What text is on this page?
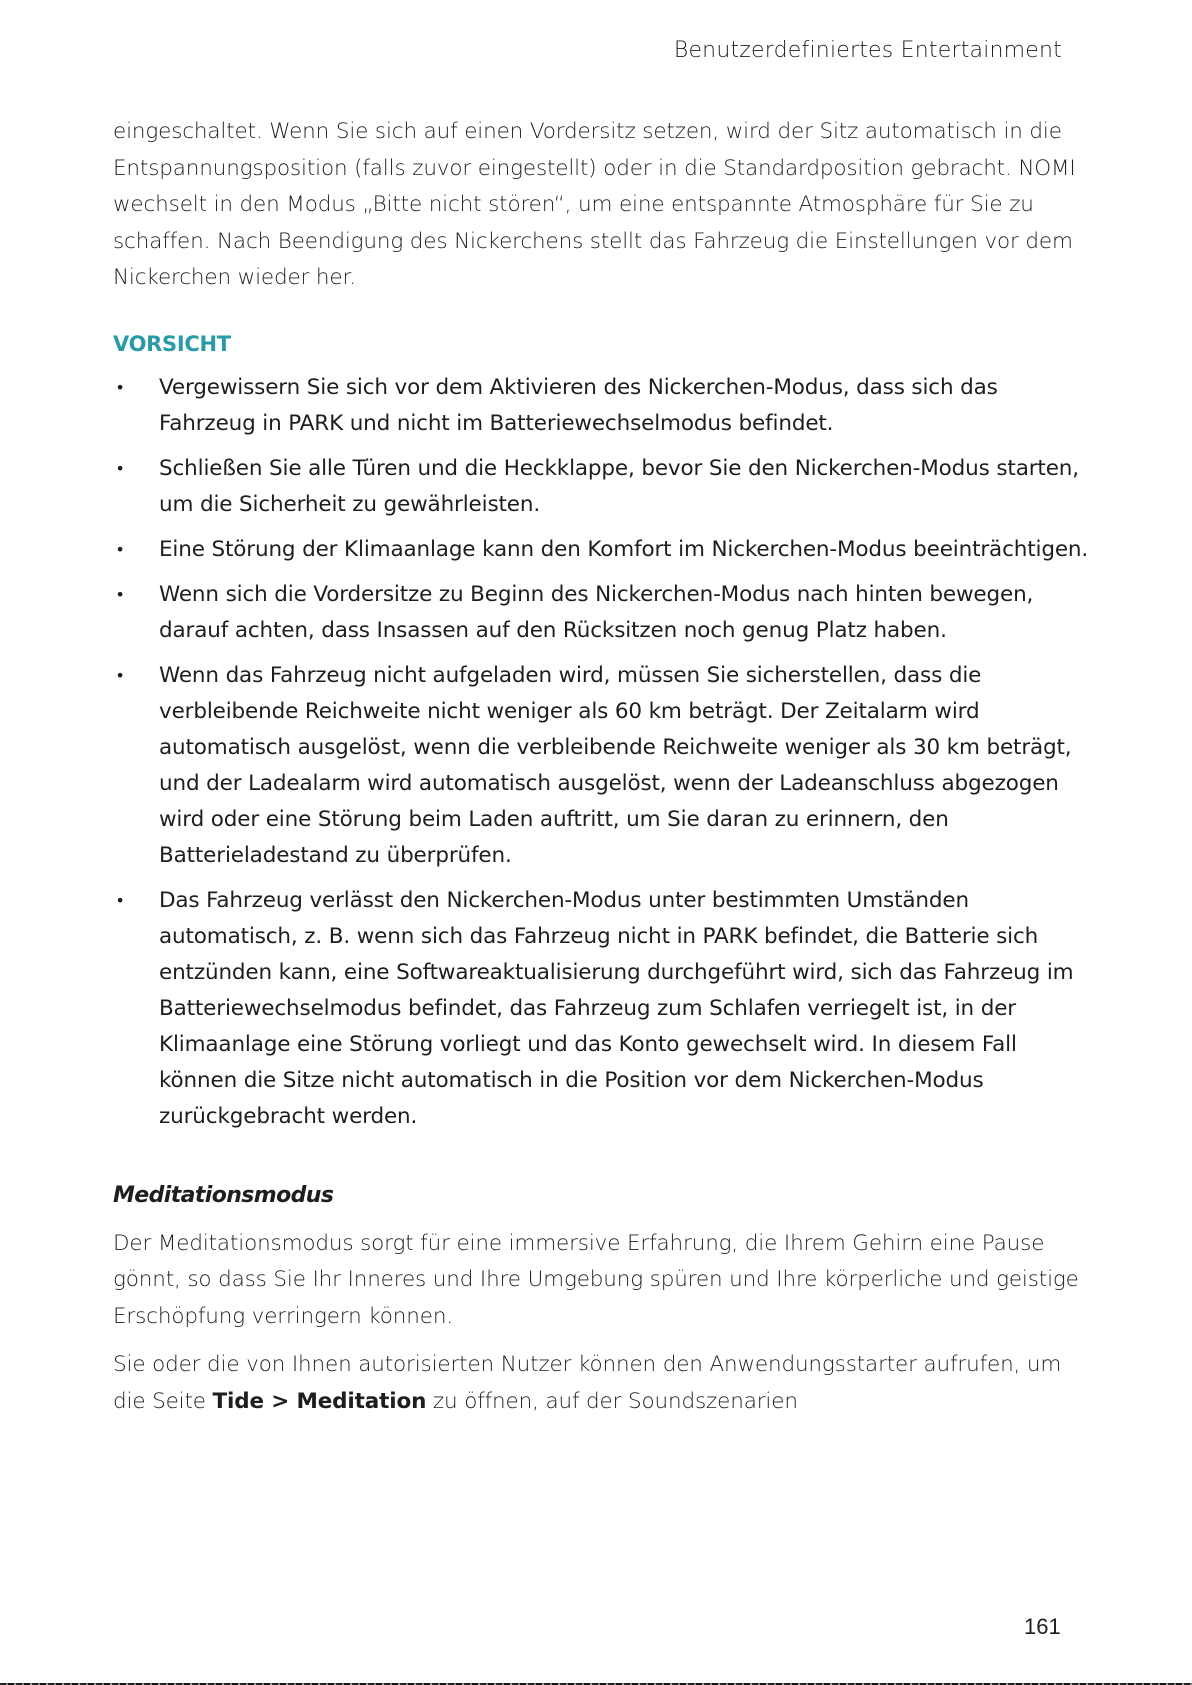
Benutzerdefiniertes Entertainment

eingeschaltet. Wenn Sie sich auf einen Vordersitz setzen, wird der Sitz automatisch in die Entspannungsposition (falls zuvor eingestellt) oder in die Standardposition gebracht. NOMI wechselt in den Modus „Bitte nicht stören“, um eine entspannte Atmosphäre für Sie zu schaffen. Nach Beendigung des Nickerchens stellt das Fahrzeug die Einstellungen vor dem Nickerchen wieder her.

VORSICHT
• Vergewissern Sie sich vor dem Aktivieren des Nickerchen-Modus, dass sich das Fahrzeug in PARK und nicht im Batteriewechselmodus befindet.
• Schließen Sie alle Türen und die Heckklappe, bevor Sie den Nickerchen-Modus starten, um die Sicherheit zu gewährleisten.
• Eine Störung der Klimaanlage kann den Komfort im Nickerchen-Modus beeinträchtigen.
• Wenn sich die Vordersitze zu Beginn des Nickerchen-Modus nach hinten bewegen, darauf achten, dass Insassen auf den Rücksitzen noch genug Platz haben.
• Wenn das Fahrzeug nicht aufgeladen wird, müssen Sie sicherstellen, dass die verbleibende Reichweite nicht weniger als 60 km beträgt. Der Zeitalarm wird automatisch ausgelöst, wenn die verbleibende Reichweite weniger als 30 km beträgt, und der Ladealarm wird automatisch ausgelöst, wenn der Ladeanschluss abgezogen wird oder eine Störung beim Laden auftritt, um Sie daran zu erinnern, den Batterieladestand zu überprüfen.
• Das Fahrzeug verlässt den Nickerchen-Modus unter bestimmten Umständen automatisch, z. B. wenn sich das Fahrzeug nicht in PARK befindet, die Batterie sich entzünden kann, eine Softwareaktualisierung durchgeführt wird, sich das Fahrzeug im Batteriewechselmodus befindet, das Fahrzeug zum Schlafen verriegelt ist, in der Klimaanlage eine Störung vorliegt und das Konto gewechselt wird. In diesem Fall können die Sitze nicht automatisch in die Position vor dem Nickerchen-Modus zurückgebracht werden.
Meditationsmodus

Der Meditationsmodus sorgt für eine immersive Erfahrung, die Ihrem Gehirn eine Pause gönnt, so dass Sie Ihr Inneres und Ihre Umgebung spüren und Ihre körperliche und geistige Erschöpfung verringern können.

Sie oder die von Ihnen autorisierten Nutzer können den Anwendungsstarter aufrufen, um die Seite Tide > Meditation zu öffnen, auf der Soundszenarien

161
